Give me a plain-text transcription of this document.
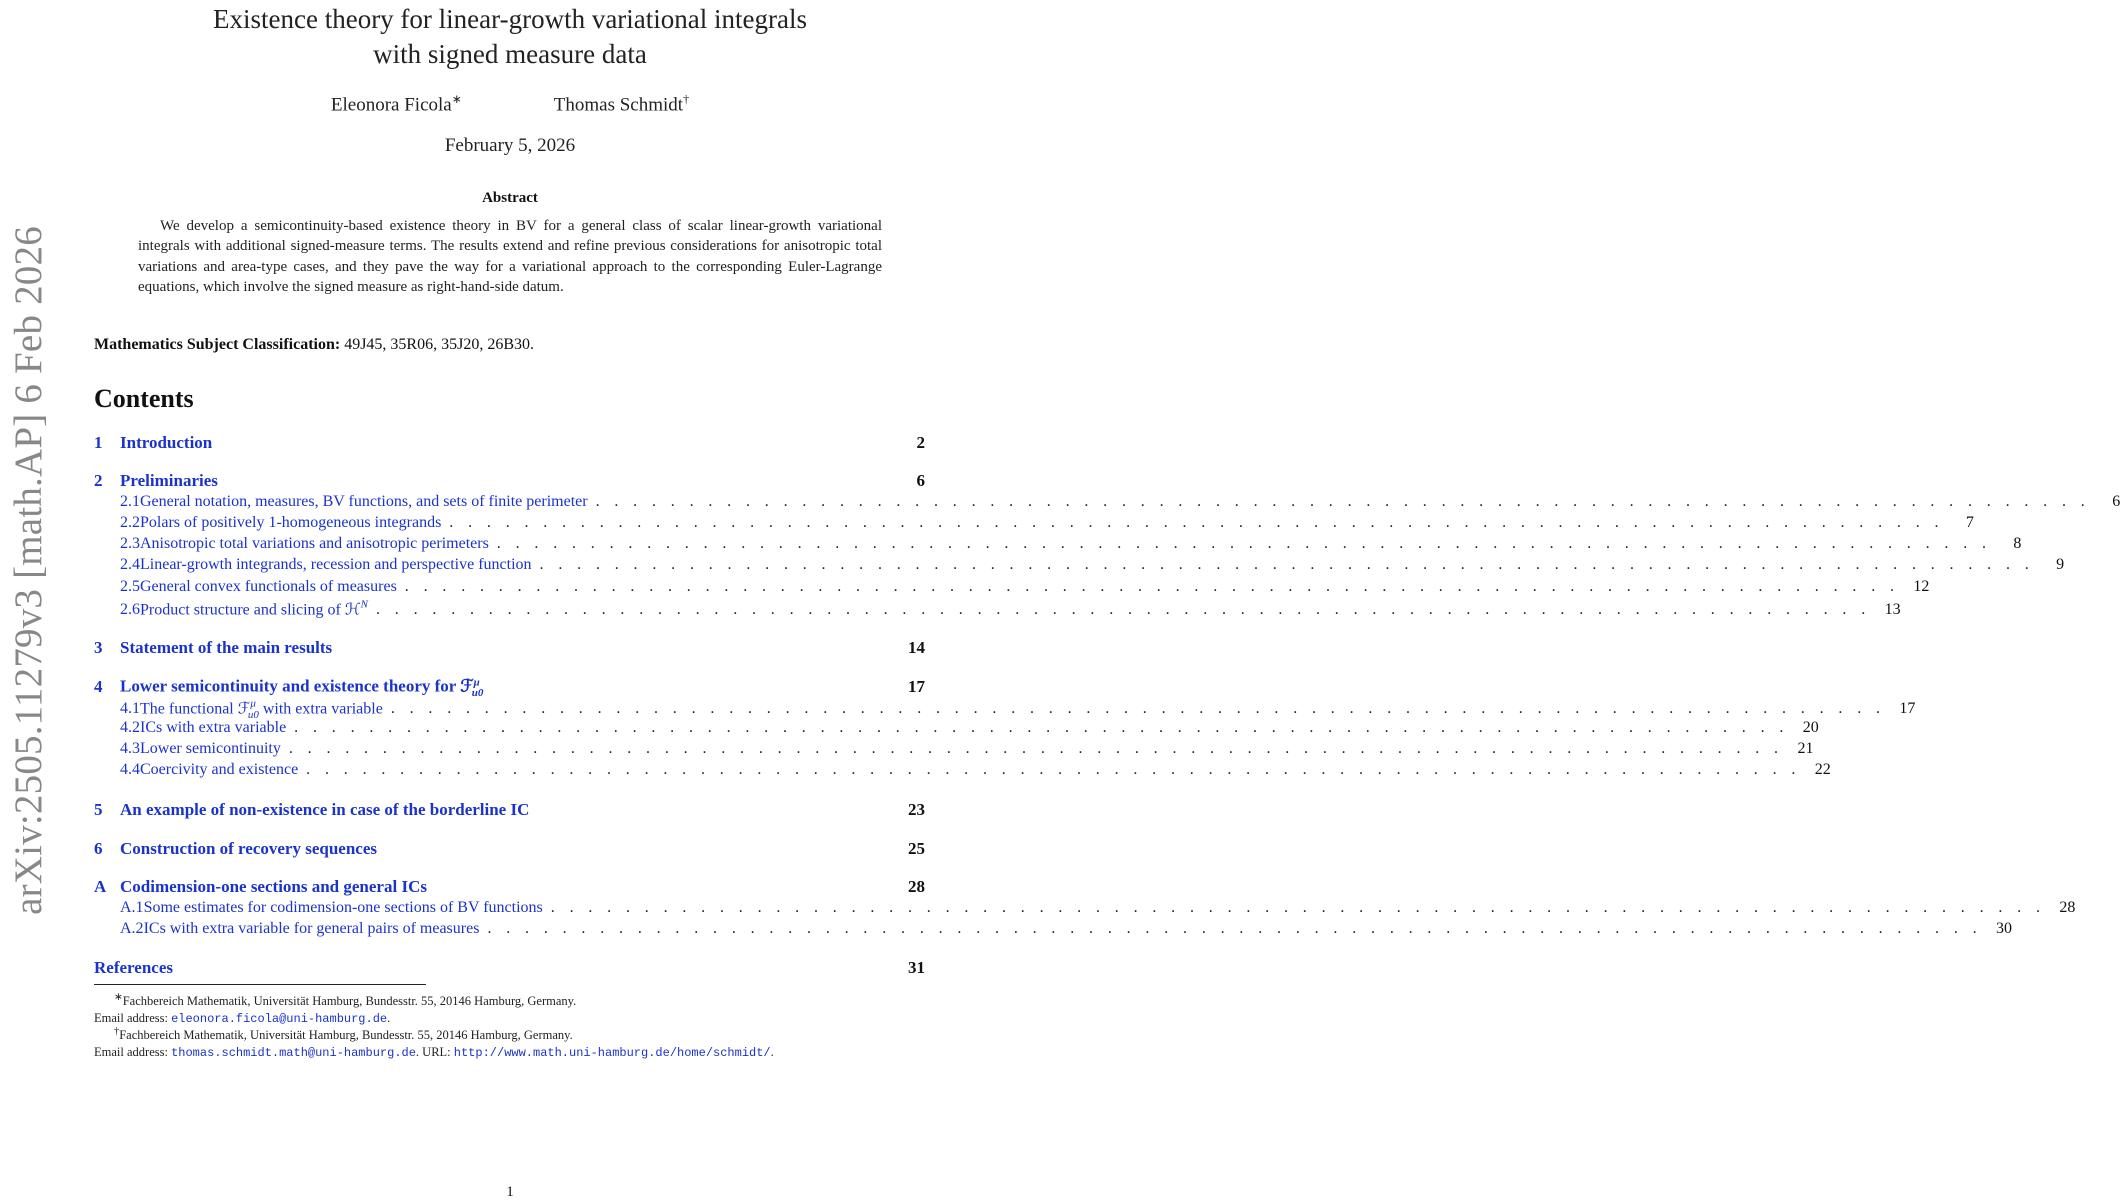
arXiv:2505.11279v3 [math.AP] 6 Feb 2026
Existence theory for linear-growth variational integrals
with signed measure data
Eleonora Ficola∗	Thomas Schmidt†
February 5, 2026
Abstract
We develop a semicontinuity-based existence theory in BV for a general class of scalar linear-growth variational integrals with additional signed-measure terms. The results extend and refine previous considerations for anisotropic total variations and area-type cases, and they pave the way for a variational approach to the corresponding Euler-Lagrange equations, which involve the signed measure as right-hand-side datum.
Mathematics Subject Classification: 49J45, 35R06, 35J20, 26B30.
Contents
1	Introduction	2
2	Preliminaries	6
2.1 General notation, measures, BV functions, and sets of finite perimeter . . . . . . . . . . . . . . . . . . . . . . . . . . . . . . . . . . . . . . . . . . . . . . . . . . . . . . . . . . . . . . . . . . . . . . . . . . . . . . . .	6
2.2 Polars of positively 1-homogeneous integrands . . . . . . . . . . . . . . . . . . . . . . . . . . . . . . . . . . . . . . . . . . . . . . . . . . . . . . . . . . . . . . . . . . . . . . . . . . . . . . . .	7
2.3 Anisotropic total variations and anisotropic perimeters . . . . . . . . . . . . . . . . . . . . . . . . . . . . . . . . . . . . . . . . . . . . . . . . . . . . . . . . . . . . . . . . . . . . . . . . . . . . . . . .	8
2.4 Linear-growth integrands, recession and perspective function . . . . . . . . . . . . . . . . . . . . . . . . . . . . . . . . . . . . . . . . . . . . . . . . . . . . . . . . . . . . . . . . . . . . . . . . . . . . . . . .	9
2.5 General convex functionals of measures . . . . . . . . . . . . . . . . . . . . . . . . . . . . . . . . . . . . . . . . . . . . . . . . . . . . . . . . . . . . . . . . . . . . . . . . . . . . . . . . 12
2.6 Product structure and slicing of ℋ$^N$ . . . . . . . . . . . . . . . . . . . . . . . . . . . . . . . . . . . . . . . . . . . . . . . . . . . . . . . . . . . . . . . . . . . . . . . . . . . . . . . . 13
3	Statement of the main results	14
4	Lower semicontinuity and existence theory for ℱ$^\mu_{u0}$	17
4.1 The functional ℱ$^\mu_{u0}$ with extra variable . . . . . . . . . . . . . . . . . . . . . . . . . . . . . . . . . . . . . . . . . . . . . . . . . . . . . . . . . . . . . . . . . . . . . . . . . . . . . . . . 17
4.2 ICs with extra variable . . . . . . . . . . . . . . . . . . . . . . . . . . . . . . . . . . . . . . . . . . . . . . . . . . . . . . . . . . . . . . . . . . . . . . . . . . . . . . . . 20
4.3 Lower semicontinuity . . . . . . . . . . . . . . . . . . . . . . . . . . . . . . . . . . . . . . . . . . . . . . . . . . . . . . . . . . . . . . . . . . . . . . . . . . . . . . . . 21
4.4 Coercivity and existence . . . . . . . . . . . . . . . . . . . . . . . . . . . . . . . . . . . . . . . . . . . . . . . . . . . . . . . . . . . . . . . . . . . . . . . . . . . . . . . . 22
5	An example of non-existence in case of the borderline IC	23
6	Construction of recovery sequences	25
A Codimension-one sections and general ICs	28
A.1 Some estimates for codimension-one sections of BV functions . . . . . . . . . . . . . . . . . . . . . . . . . . . . . . . . . . . . . . . . . . . . . . . . . . . . . . . . . . . . . . . . . . . . . . . . . . . . . . . . 28
A.2 ICs with extra variable for general pairs of measures . . . . . . . . . . . . . . . . . . . . . . . . . . . . . . . . . . . . . . . . . . . . . . . . . . . . . . . . . . . . . . . . . . . . . . . . . . . . . . . . 30
References	31
∗Fachbereich Mathematik, Universität Hamburg, Bundesstr. 55, 20146 Hamburg, Germany.
Email address: eleonora.ficola@uni-hamburg.de.
†Fachbereich Mathematik, Universität Hamburg, Bundesstr. 55, 20146 Hamburg, Germany.
Email address: thomas.schmidt.math@uni-hamburg.de. URL: http://www.math.uni-hamburg.de/home/schmidt/.
1
